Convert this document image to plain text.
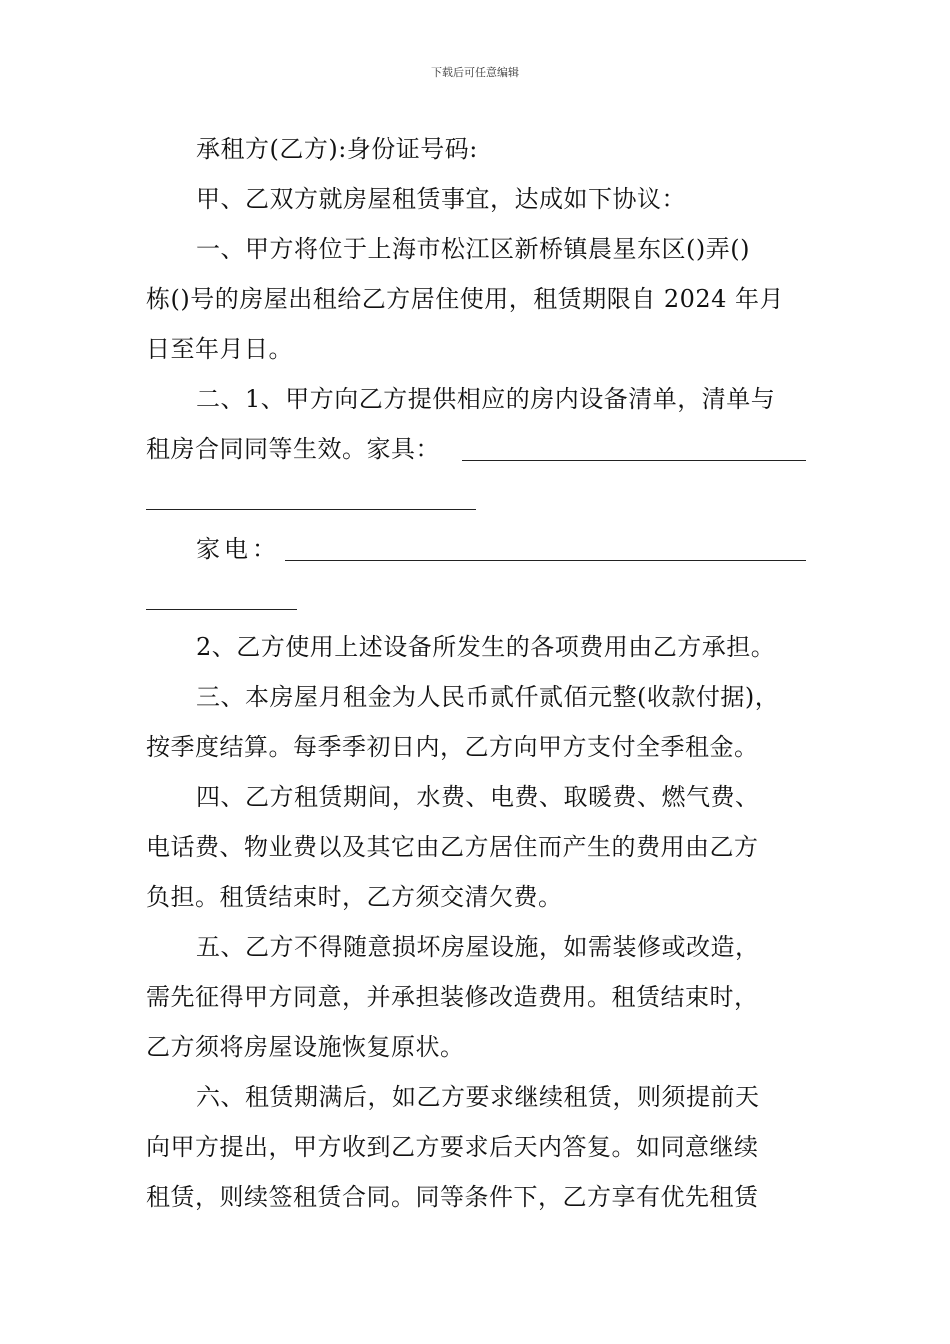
下载后可任意编辑
承租方(乙方):身份证号码:
甲、乙双方就房屋租赁事宜，达成如下协议：
一、甲方将位于上海市松江区新桥镇晨星东区()弄()
栋()号的房屋出租给乙方居住使用，租赁期限自 2024 年月
日至年月日。
二、1、甲方向乙方提供相应的房内设备清单，清单与
租房合同同等生效。家具：
家电：
2、乙方使用上述设备所发生的各项费用由乙方承担。
三、本房屋月租金为人民币贰仟贰佰元整(收款付据)，
按季度结算。每季季初日内，乙方向甲方支付全季租金。
四、乙方租赁期间，水费、电费、取暖费、燃气费、
电话费、物业费以及其它由乙方居住而产生的费用由乙方
负担。租赁结束时，乙方须交清欠费。
五、乙方不得随意损坏房屋设施，如需装修或改造，
需先征得甲方同意，并承担装修改造费用。租赁结束时，
乙方须将房屋设施恢复原状。
六、租赁期满后，如乙方要求继续租赁，则须提前天
向甲方提出，甲方收到乙方要求后天内答复。如同意继续
租赁，则续签租赁合同。同等条件下，乙方享有优先租赁
